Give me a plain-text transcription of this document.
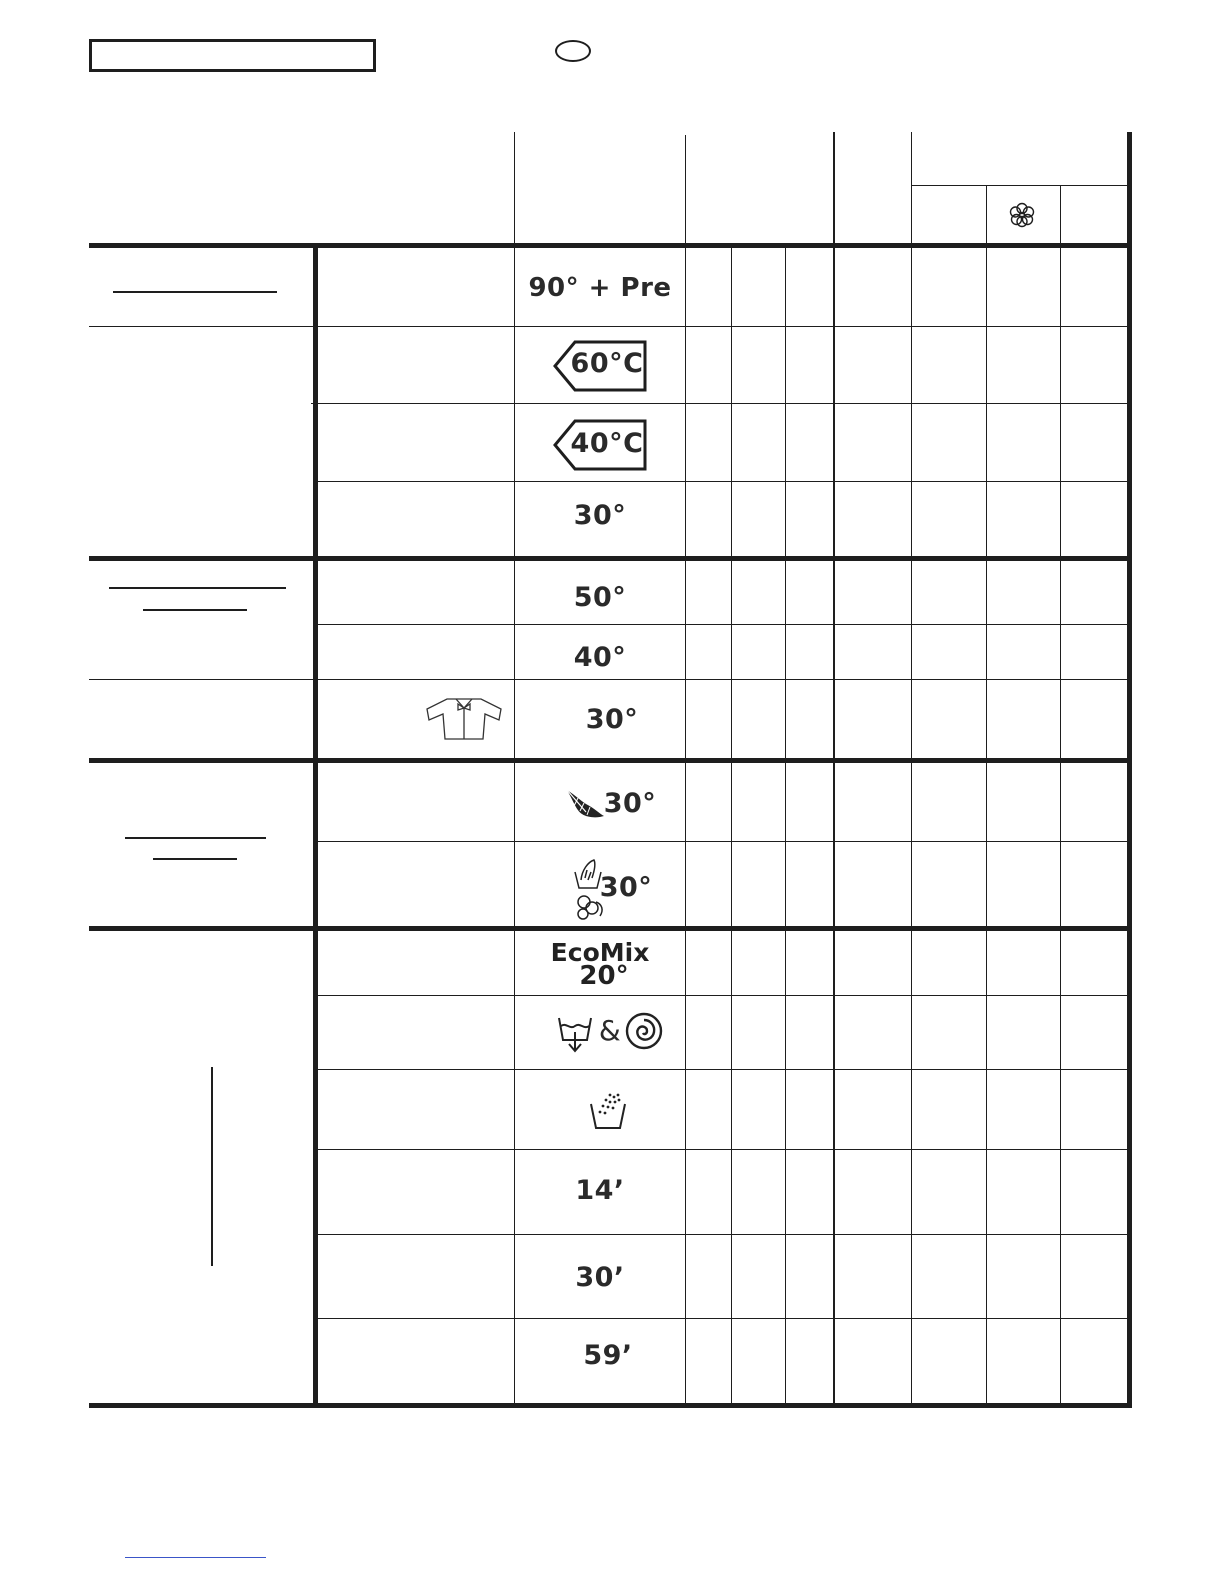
90° + Pre
60°C
40°C
30°
50°
40°
30°
30°
30°
EcoMix
20°
&
14’
30’
59’
